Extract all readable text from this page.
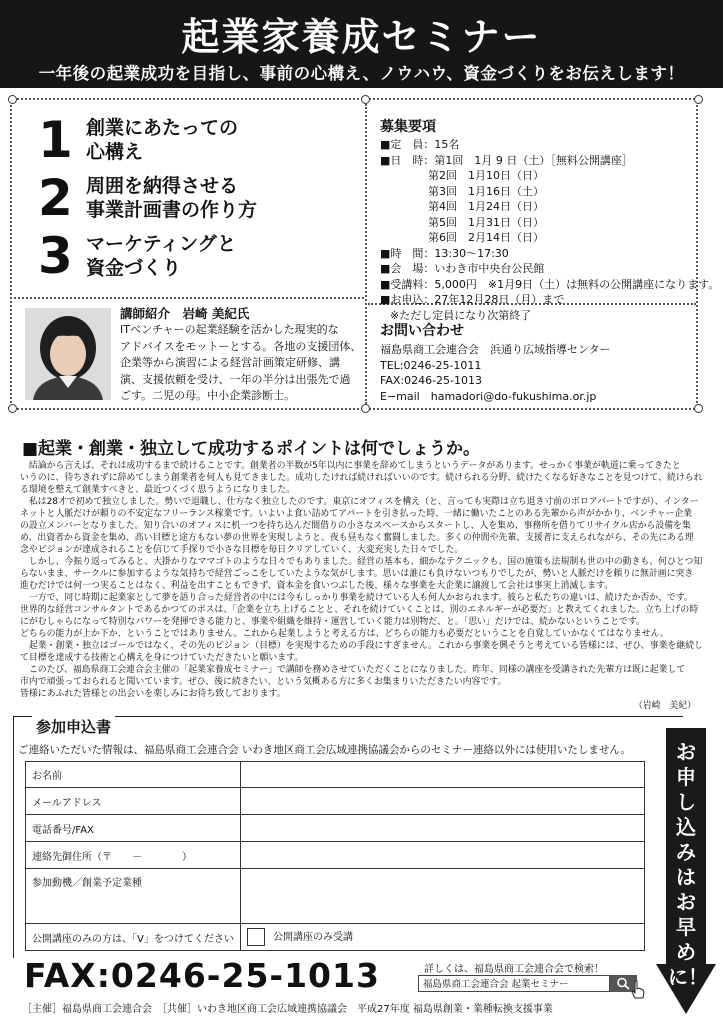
起業家養成セミナー
一年後の起業成功を目指し、事前の心構え、ノウハウ、資金づくりをお伝えします！
1 創業にあたっての
心構え
2 周囲を納得させる
事業計画書の作り方
3 マーケティングと
資金づくり
募集要項
■定　員：15名
■日　時：第1回　1月 9 日（土）［無料公開講座］
第2回　1月10日（日）
第3回　1月16日（土）
第4回　1月24日（日）
第5回　1月31日（日）
第6回　2月14日（日）
■時　間：13:30〜17:30
■会　場：いわき市中央台公民館
■受講料：5,000円　※1月9日（土）は無料の公開講座になります。
■お申込：27年12月28日（月）まで
※ただし定員になり次第終了
講師紹介　岩崎 美紀氏
ITベンチャーの起業経験を活かした現実的な
アドバイスをモットーとする。各地の支援団体、
企業等から演習による経営計画策定研修、講
演、支援依頼を受け、一年の半分は出張先で過
ごす。二児の母。中小企業診断士。
お問い合わせ
福島県商工会連合会　浜通り広域指導センター
TEL:0246-25-1011
FAX:0246-25-1013
E−mail　hamadori@do-fukushima.or.jp
■起業・創業・独立して成功するポイントは何でしょうか。

　結論から言えば、それは成功するまで続けることです。創業者の半数が5年以内に事業を辞めてしまうというデータがあります。せっかく事業が軌道に乗ってきたと

いうのに、待ちきれずに辞めてしまう創業者を何人も見てきました。成功したければ続ければいいのです。続けられる分野、続けたくなる好きなことを見つけて、続けられ

る環境を整えて創業すべきと、最近つくづく思うようになりました。

　私は28才で初めて独立しました。勢いで退職し、仕方なく独立したのです。東京にオフィスを構え（と、言っても実際は立ち退き寸前のボロアパートですが）、インター

ネットと人脈だけが頼りの不安定なフリーランス稼業です。いよいよ食い詰めてアパートを引き払った時、一緒に働いたことのある先輩から声がかかり、ベンチャー企業

の設立メンバーとなりました。知り合いのオフィスに机一つを持ち込んだ間借りの小さなスペースからスタートし、人を集め、事務所を借りてリサイクル店から設備を集

め、出資者から資金を集め、高い目標と途方もない夢の世界を実現しようと、夜も昼もなく奮闘しました。多くの仲間や先輩、支援者に支えられながら、その先にある理

念やビジョンが達成されることを信じて手探りで小さな目標を毎日クリアしていく、大変充実した日々でした。

　しかし、今振り返ってみると、大掛かりなママゴトのような日々でもありました。経営の基本も、細かなテクニックも、国の施策も法規制も世の中の動きも、何ひとつ知

らないまま、サークルに参加するような気持ちで経営ごっこをしていたような気がします。思いは誰にも負けないつもりでしたが、勢いと人脈だけを頼りに無計画に突き

進むだけでは何一つ実ることはなく、利益を出すこともできず、資本金を食いつぶした後、様々な事業を大企業に譲渡して会社は事実上消滅します。

　一方で、同じ時期に起業家として夢を語り合った経営者の中には今もしっかり事業を続けている人も何人かおられます。彼らと私たちの違いは、続けたか否か、です。

世界的な経営コンサルタントであるかつてのボスは、「企業を立ち上げることと、それを続けていくことは、別のエネルギーが必要だ」と教えてくれました。立ち上げの時

にがむしゃらになって特別なパワーを発揮できる能力と、事業や組織を維持・運営していく能力は別物だ、と。「思い」だけでは、続かないということです。

どちらの能力が上か下か、ということではありません。これから起業しようと考える方は、どちらの能力も必要だということを自覚していかなくてはなりません。

　起業・創業・独立はゴールではなく、その先のビジョン（目標）を実現するための手段にすぎません。これから事業を興そうと考えている皆様には、ぜひ、事業を継続し

て目標を達成する技術と心構えを身につけていただきたいと願います。

　このたび、福島県商工会連合会主催の「起業家養成セミナー」で講師を務めさせていただくことになりました。昨年、同様の講座を受講された先輩方は既に起業して

市内で頑張っておられると聞いています。ぜひ、後に続きたい、という気概ある方に多くお集まりいただきたい内容です。

皆様にあふれた皆様との出会いを楽しみにお待ち致しております。

（岩崎　美紀）

参加申込書
ご連絡いただいた情報は、福島県商工会連合会 いわき地区商工会広域連携協議会からのセミナー連絡以外には使用いたしません。
お名前	
メールアドレス	
電話番号/FAX	
連絡先御住所（〒　　－　　　　）	
参加動機／創業予定業種	
公開講座のみの方は、「V」をつけてください	公開講座のみ受講
お申し込みはお早めに！
FAX:0246-25-1013	詳しくは、福島県商工会連合会で検索！
福島県商工会連合会 起業セミナー
［主催］福島県商工会連合会　［共催］いわき地区商工会広域連携協議会　平成27年度 福島県創業・業種転換支援事業
